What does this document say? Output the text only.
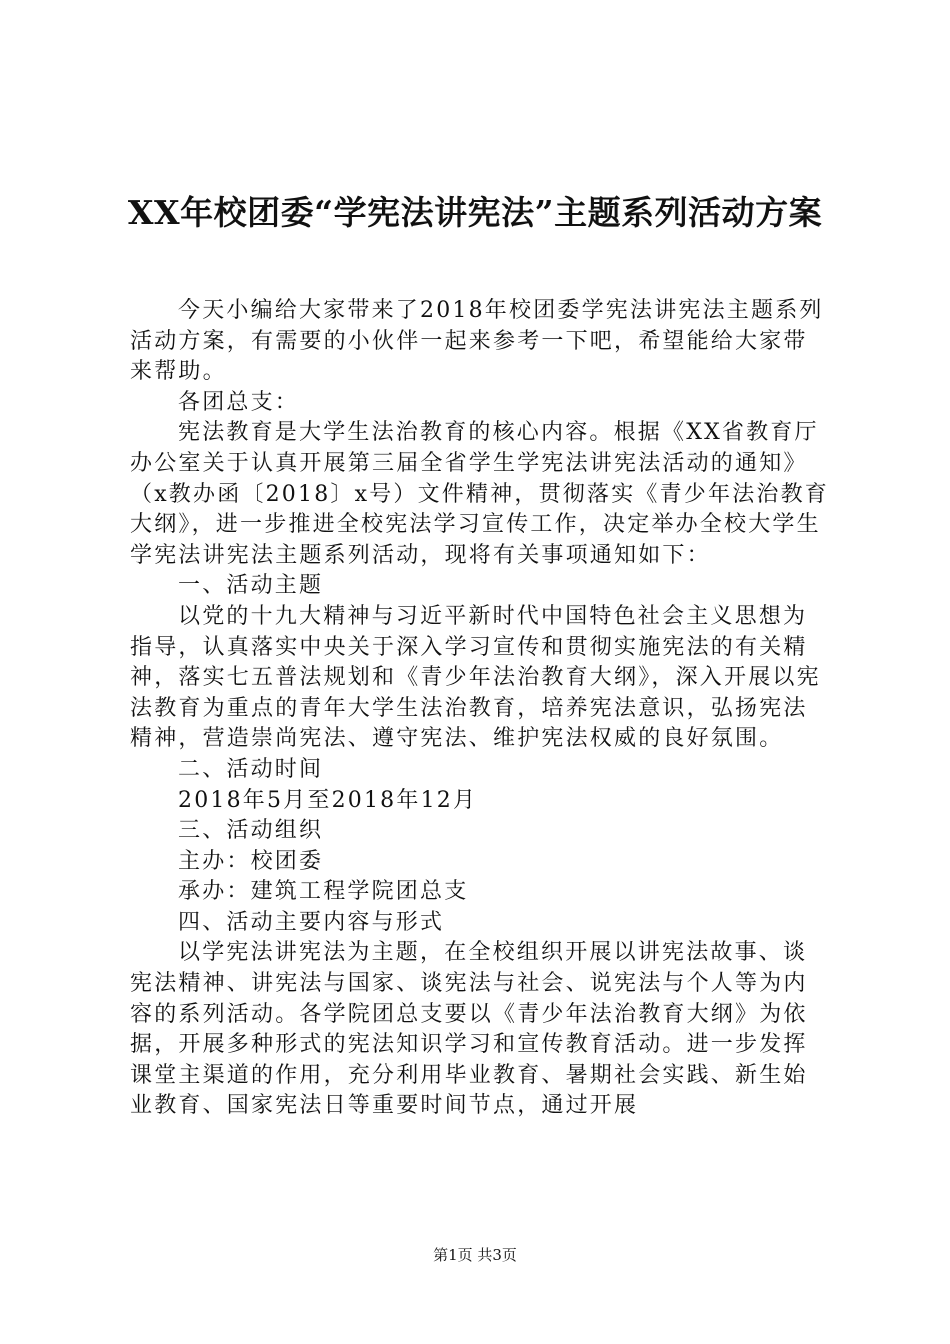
XX年校团委“学宪法讲宪法”主题系列活动方案

今天小编给大家带来了2018年校团委学宪法讲宪法主题系列活动方案，有需要的小伙伴一起来参考一下吧，希望能给大家带来帮助。

各团总支：

宪法教育是大学生法治教育的核心内容。根据《XX省教育厅办公室关于认真开展第三届全省学生学宪法讲宪法活动的通知》（x教办函〔2018〕x号）文件精神，贯彻落实《青少年法治教育大纲》，进一步推进全校宪法学习宣传工作，决定举办全校大学生学宪法讲宪法主题系列活动，现将有关事项通知如下：

一、活动主题

以党的十九大精神与习近平新时代中国特色社会主义思想为指导，认真落实中央关于深入学习宣传和贯彻实施宪法的有关精神，落实七五普法规划和《青少年法治教育大纲》，深入开展以宪法教育为重点的青年大学生法治教育，培养宪法意识，弘扬宪法精神，营造崇尚宪法、遵守宪法、维护宪法权威的良好氛围。

二、活动时间

2018年5月至2018年12月

三、活动组织

主办：校团委

承办：建筑工程学院团总支

四、活动主要内容与形式

以学宪法讲宪法为主题，在全校组织开展以讲宪法故事、谈宪法精神、讲宪法与国家、谈宪法与社会、说宪法与个人等为内容的系列活动。各学院团总支要以《青少年法治教育大纲》为依据，开展多种形式的宪法知识学习和宣传教育活动。进一步发挥课堂主渠道的作用，充分利用毕业教育、暑期社会实践、新生始业教育、国家宪法日等重要时间节点，通过开展

第1页 共3页
